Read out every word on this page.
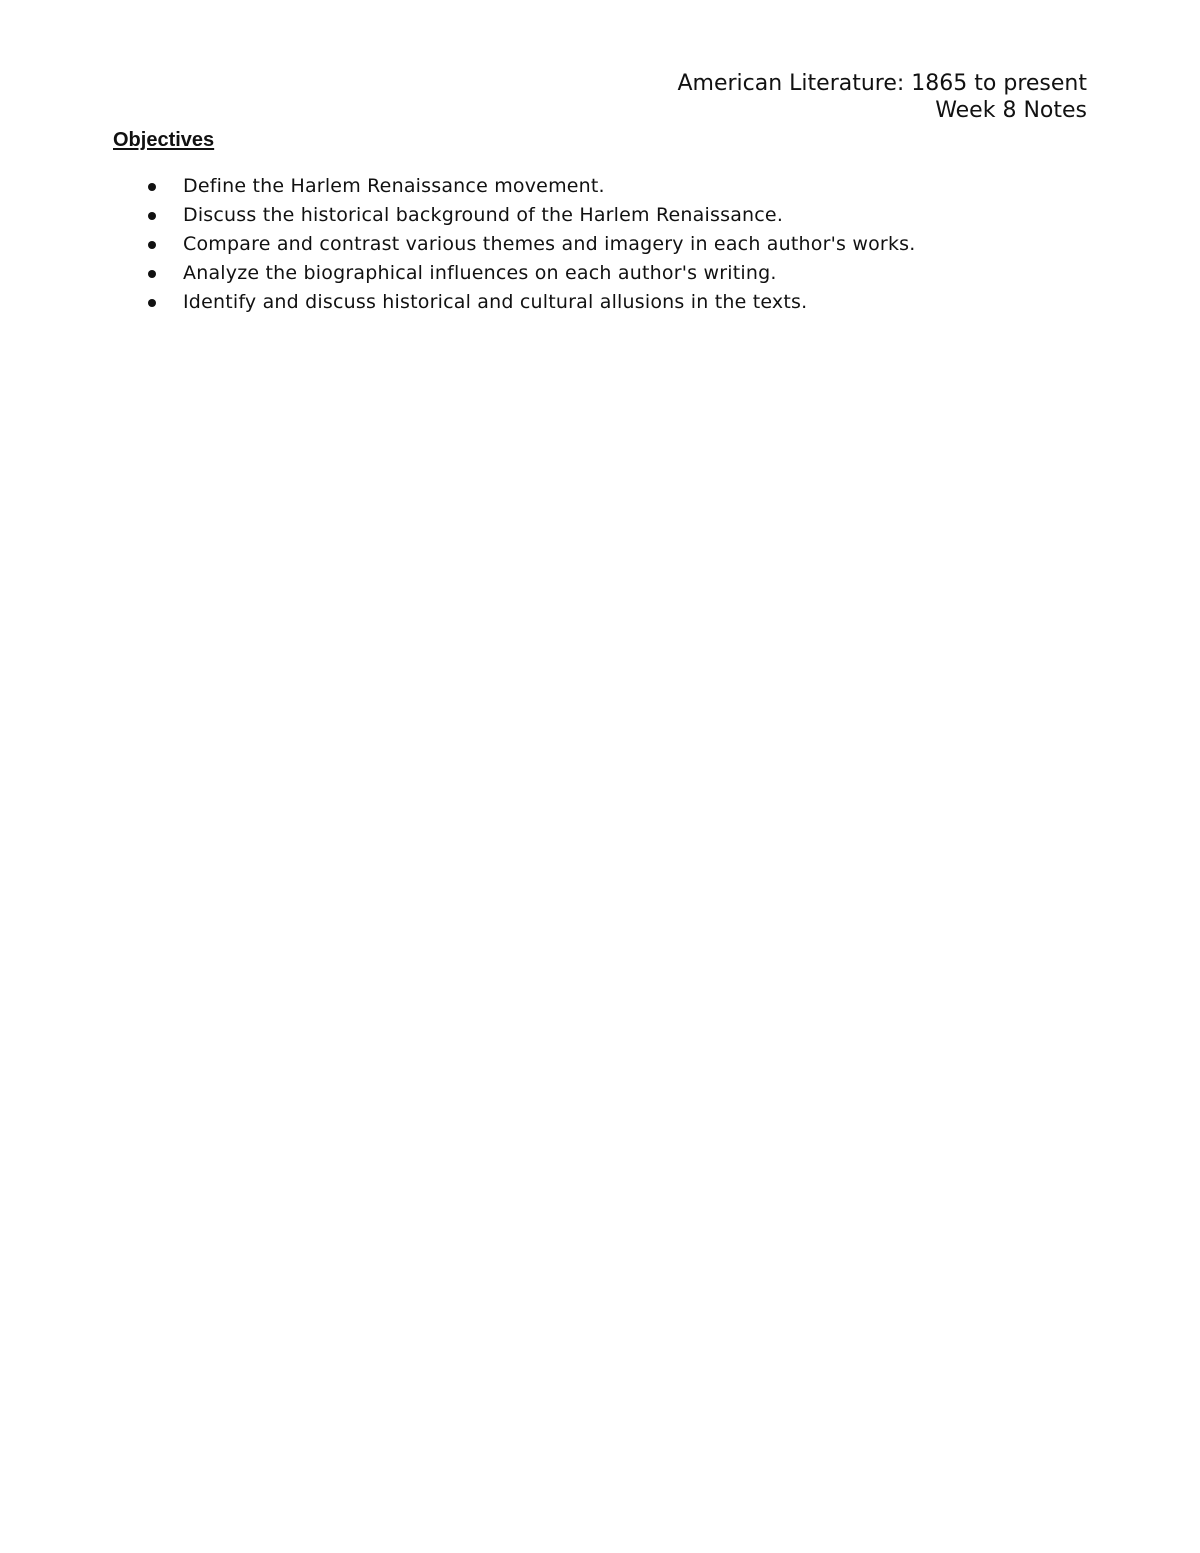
American Literature: 1865 to present
Week 8 Notes
Objectives
Define the Harlem Renaissance movement.
Discuss the historical background of the Harlem Renaissance.
Compare and contrast various themes and imagery in each author's works.
Analyze the biographical influences on each author's writing.
Identify and discuss historical and cultural allusions in the texts.
